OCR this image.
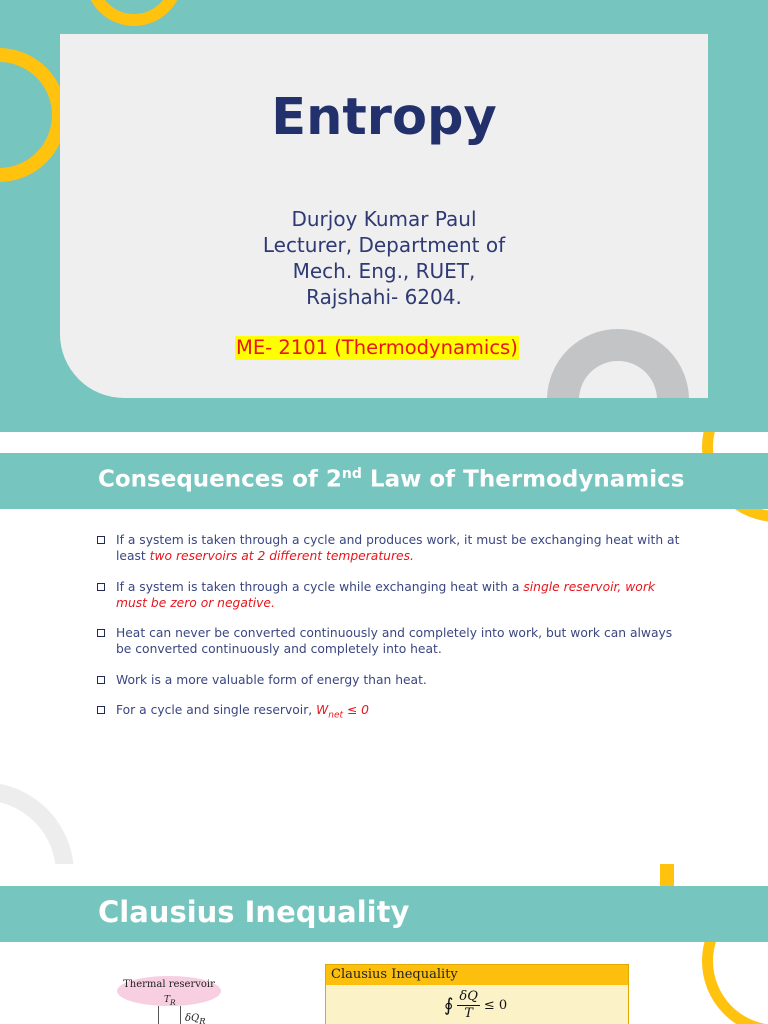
Entropy
Durjoy Kumar Paul
Lecturer, Department of
Mech. Eng., RUET,
Rajshahi- 6204.
ME- 2101 (Thermodynamics)
Consequences of 2nd Law of Thermodynamics
If a system is taken through a cycle and produces work, it must be exchanging heat with at least two reservoirs at 2 different temperatures.
If a system is taken through a cycle while exchanging heat with a single reservoir, work must be zero or negative.
Heat can never be converted continuously and completely into work, but work can always be converted continuously and completely into heat.
Work is a more valuable form of energy than heat.
For a cycle and single reservoir, $W_{net} \le 0$
Clausius Inequality
Thermal reservoir
$T_R$
$\delta Q_R$
Clausius Inequality
∮ $\frac{\delta Q}{T} \le 0$
